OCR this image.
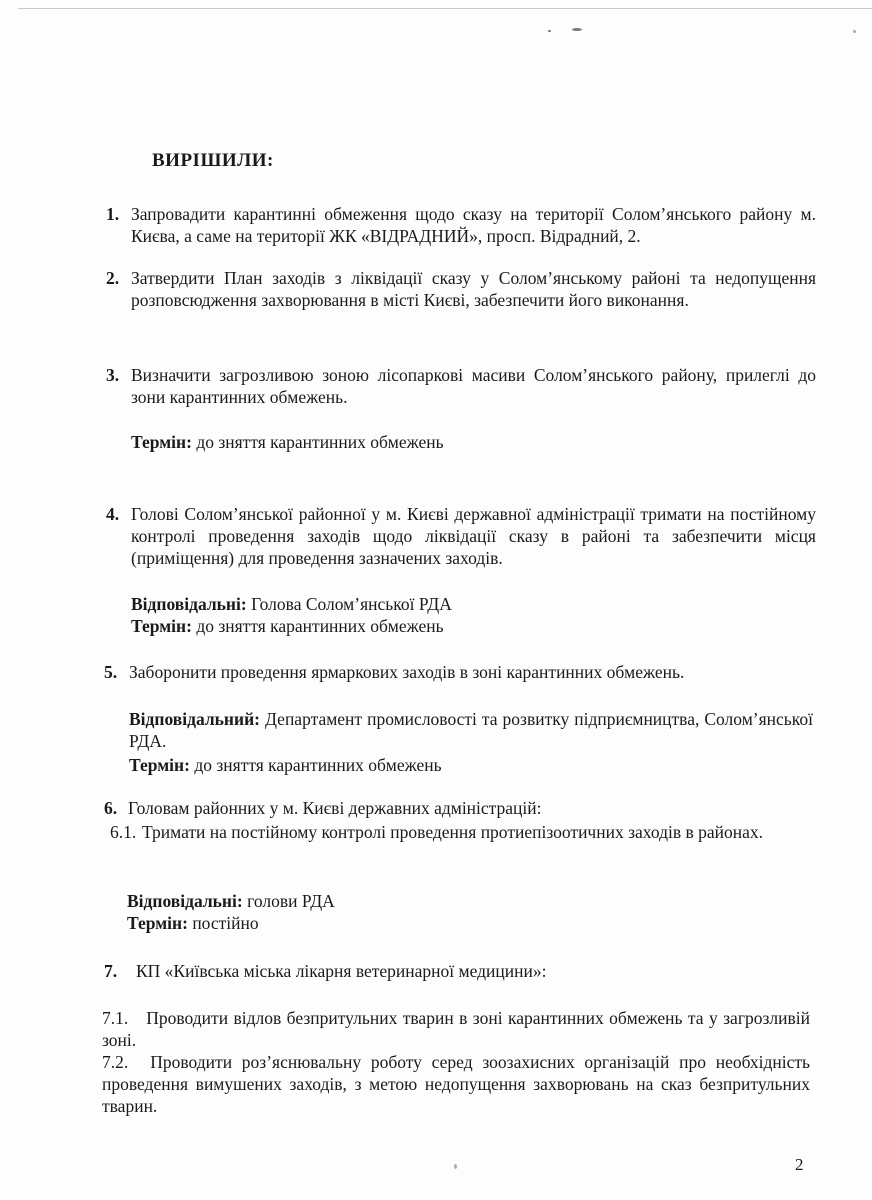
ВИРІШИЛИ:
1. Запровадити карантинні обмеження щодо сказу на території Солом’янського району м. Києва, а саме на території ЖК «ВІДРАДНИЙ», просп. Відрадний, 2.
2. Затвердити План заходів з ліквідації сказу у Солом’янському районі та недопущення розповсюдження захворювання в місті Києві, забезпечити його виконання.
3. Визначити загрозливою зоною лісопаркові масиви Солом’янського району, прилеглі до зони карантинних обмежень.
Термін: до зняття карантинних обмежень
4. Голові Солом’янської районної у м. Києві державної адміністрації тримати на постійному контролі проведення заходів щодо ліквідації сказу в районі та забезпечити місця (приміщення) для проведення зазначених заходів.
Відповідальні: Голова Солом’янської РДА
Термін: до зняття карантинних обмежень
5. Заборонити проведення ярмаркових заходів в зоні карантинних обмежень.
Відповідальний: Департамент промисловості та розвитку підприємництва, Солом’янської РДА.
Термін: до зняття карантинних обмежень
6. Головам районних у м. Києві державних адміністрацій:
6.1. Тримати на постійному контролі проведення протиепізоотичних заходів в районах.
Відповідальні: голови РДА
Термін: постійно
7. КП «Київська міська лікарня ветеринарної медицини»:
7.1. Проводити відлов безпритульних тварин в зоні карантинних обмежень та у загрозливій зоні.
7.2. Проводити роз’яснювальну роботу серед зоозахисних організацій про необхідність проведення вимушених заходів, з метою недопущення захворювань на сказ безпритульних тварин.
2
